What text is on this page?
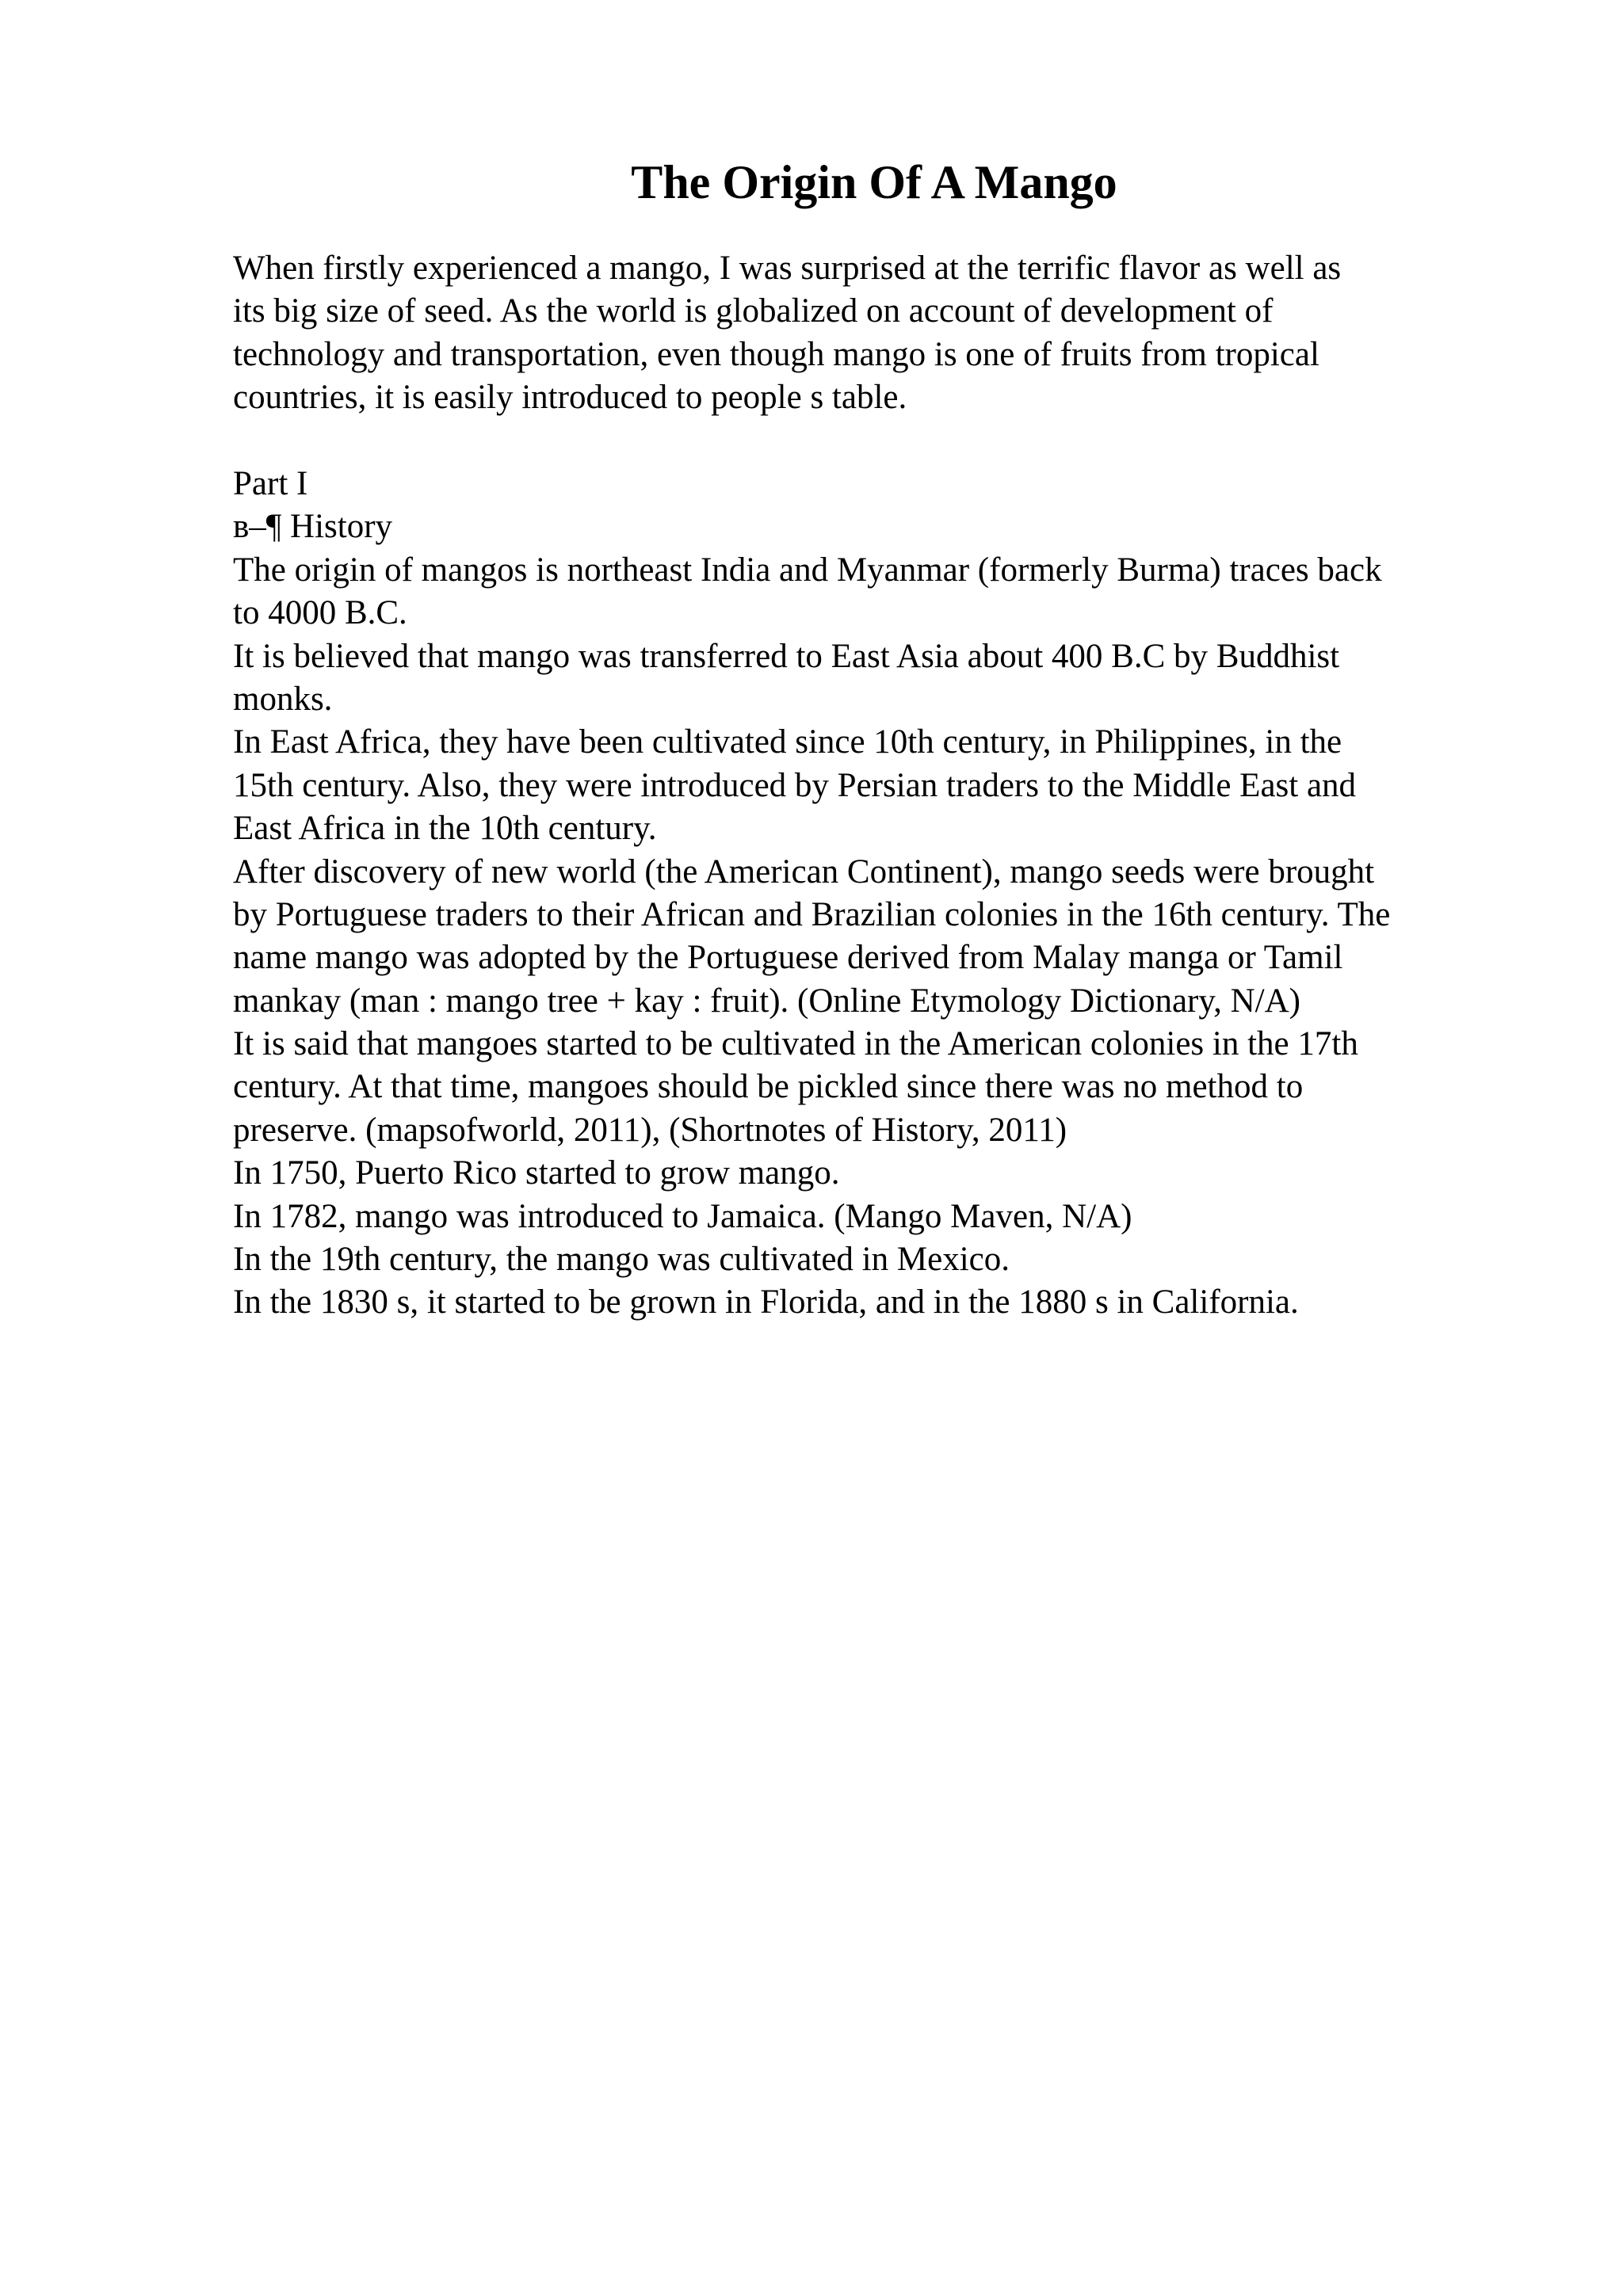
The Origin Of A Mango
When firstly experienced a mango, I was surprised at the terrific flavor as well as
its big size of seed. As the world is globalized on account of development of
technology and transportation, even though mango is one of fruits from tropical
countries, it is easily introduced to people s table.
Part I
в–¶ History
The origin of mangos is northeast India and Myanmar (formerly Burma) traces back
to 4000 B.C.
It is believed that mango was transferred to East Asia about 400 B.C by Buddhist
monks.
In East Africa, they have been cultivated since 10th century, in Philippines, in the
15th century. Also, they were introduced by Persian traders to the Middle East and
East Africa in the 10th century.
After discovery of new world (the American Continent), mango seeds were brought
by Portuguese traders to their African and Brazilian colonies in the 16th century. The
name mango was adopted by the Portuguese derived from Malay manga or Tamil
mankay (man : mango tree + kay : fruit). (Online Etymology Dictionary, N/A)
It is said that mangoes started to be cultivated in the American colonies in the 17th
century. At that time, mangoes should be pickled since there was no method to
preserve. (mapsofworld, 2011), (Shortnotes of History, 2011)
In 1750, Puerto Rico started to grow mango.
In 1782, mango was introduced to Jamaica. (Mango Maven, N/A)
In the 19th century, the mango was cultivated in Mexico.
In the 1830 s, it started to be grown in Florida, and in the 1880 s in California.
